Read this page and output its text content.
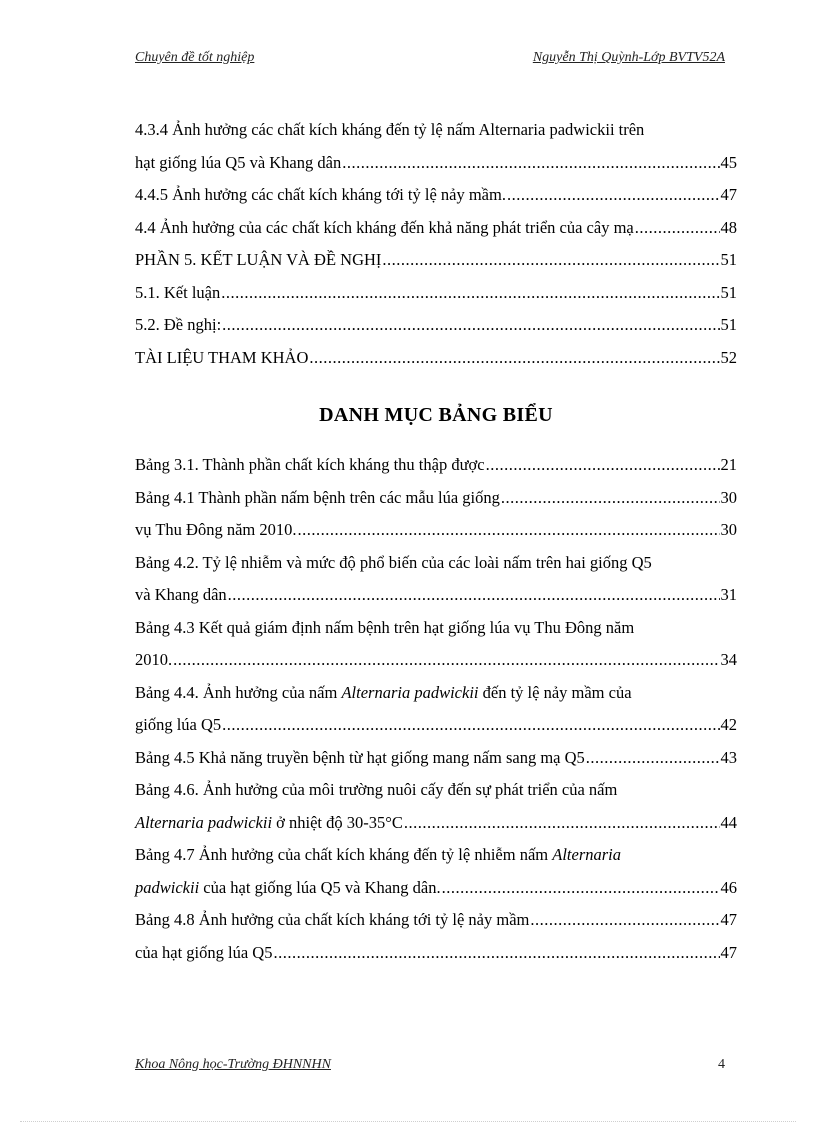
Chuyên đề tốt nghiệp	Nguyễn Thị Quỳnh-Lớp BVTV52A
4.3.4 Ảnh hưởng các chất kích kháng đến tỷ lệ nấm Alternaria padwickii trên
hạt giống lúa Q5 và Khang dân .....	45
4.4.5 Ảnh hưởng các chất kích kháng tới tỷ lệ nảy mầm. .....	47
4.4 Ảnh hưởng của các chất kích kháng đến khả năng phát triển của cây mạ .....	48
PHẦN 5. KẾT LUẬN VÀ ĐỀ NGHỊ .....	51
5.1. Kết luận .....	51
5.2. Đề nghị: .....	51
TÀI LIỆU THAM KHẢO .....	52
DANH MỤC BẢNG BIỂU
Bảng 3.1. Thành phần chất kích kháng thu thập được .....	21
Bảng 4.1 Thành phần nấm bệnh trên các mẫu lúa giống .....	30
vụ Thu Đông năm 2010. .....	30
Bảng 4.2. Tỷ lệ nhiễm và mức độ phổ biến của các loài nấm trên hai giống Q5
và Khang dân .....	31
Bảng 4.3 Kết quả giám định nấm bệnh trên hạt giống lúa vụ Thu Đông năm
2010. .....	34
Bảng 4.4. Ảnh hưởng của nấm Alternaria padwickii đến tỷ lệ nảy mầm của
giống lúa Q5 .....	42
Bảng 4.5 Khả năng truyền bệnh từ hạt giống mang nấm sang mạ Q5 .....	43
Bảng 4.6. Ảnh hưởng của môi trường nuôi cấy đến sự phát triển của nấm
Alternaria padwickii ở nhiệt độ 30-35°C .....	44
Bảng 4.7 Ảnh hưởng của chất kích kháng đến tỷ lệ nhiễm nấm Alternaria
padwickii của hạt giống lúa Q5 và Khang dân. .....	46
Bảng 4.8 Ảnh hưởng của chất kích kháng tới tỷ lệ nảy mầm .....	47
của hạt giống lúa Q5 .....	47
Khoa Nông học-Trường ĐHNNHN	4
